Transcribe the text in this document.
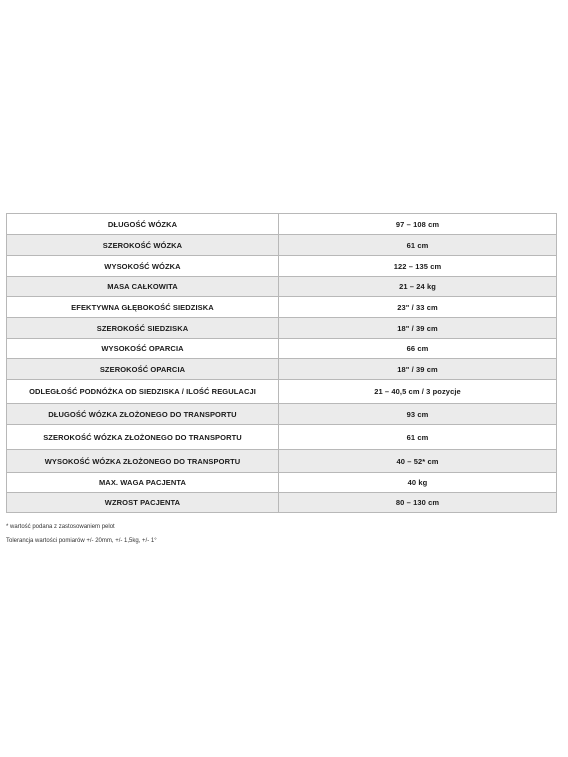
DŁUGOŚĆ WÓZKA	97 – 108 cm
SZEROKOŚĆ WÓZKA	61 cm
WYSOKOŚĆ WÓZKA	122 – 135 cm
MASA CAŁKOWITA	21 – 24 kg
EFEKTYWNA GŁĘBOKOŚĆ SIEDZISKA	23" / 33 cm
SZEROKOŚĆ SIEDZISKA	18" / 39 cm
WYSOKOŚĆ OPARCIA	66 cm
SZEROKOŚĆ OPARCIA	18" / 39 cm
ODLEGŁOŚĆ PODNÓŻKA OD SIEDZISKA / ILOŚĆ REGULACJI	21 – 40,5 cm / 3 pozycje
DŁUGOŚĆ WÓZKA ZŁOŻONEGO DO TRANSPORTU	93 cm
SZEROKOŚĆ WÓZKA ZŁOŻONEGO DO TRANSPORTU	61 cm
WYSOKOŚĆ WÓZKA ZŁOŻONEGO DO TRANSPORTU	40 – 52* cm
MAX. WAGA PACJENTA	40 kg
WZROST PACJENTA	80 – 130 cm
* wartość podana z zastosowaniem pelot
Tolerancja wartości pomiarów +/- 20mm, +/- 1,5kg, +/- 1°
